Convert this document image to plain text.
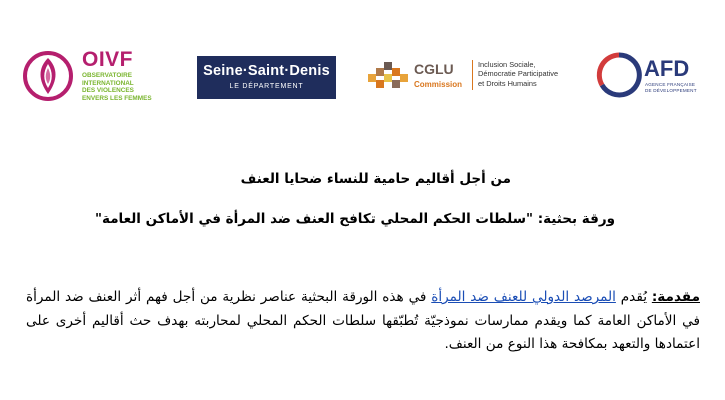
OIVF
OBSERVATOIRE
INTERNATIONAL
DES VIOLENCES
ENVERS LES FEMMES
Seine·Saint·Denis
LE DÉPARTEMENT
CGLU
Commission
Inclusion Sociale,
Démocratie Participative
et Droits Humains
AFD
AGENCE FRANÇAISE
DE DÉVELOPPEMENT
من أجل أقاليم حامية للنساء ضحايا العنف
ورقة بحثية: "سلطات الحكم المحلي تكافح العنف ضد المرأة في الأماكن العامة"

مقدمة: يُقدم المرصد الدولي للعنف ضد المرأة في هذه الورقة البحثية عناصر نظرية من أجل فهم أثر العنف ضد المرأة في الأماكن العامة كما ويقدم ممارسات نموذجيّة تُطبّقها سلطات الحكم المحلي لمحاربته بهدف حث أقاليم أخرى على اعتمادها والتعهد بمكافحة هذا النوع من العنف.
